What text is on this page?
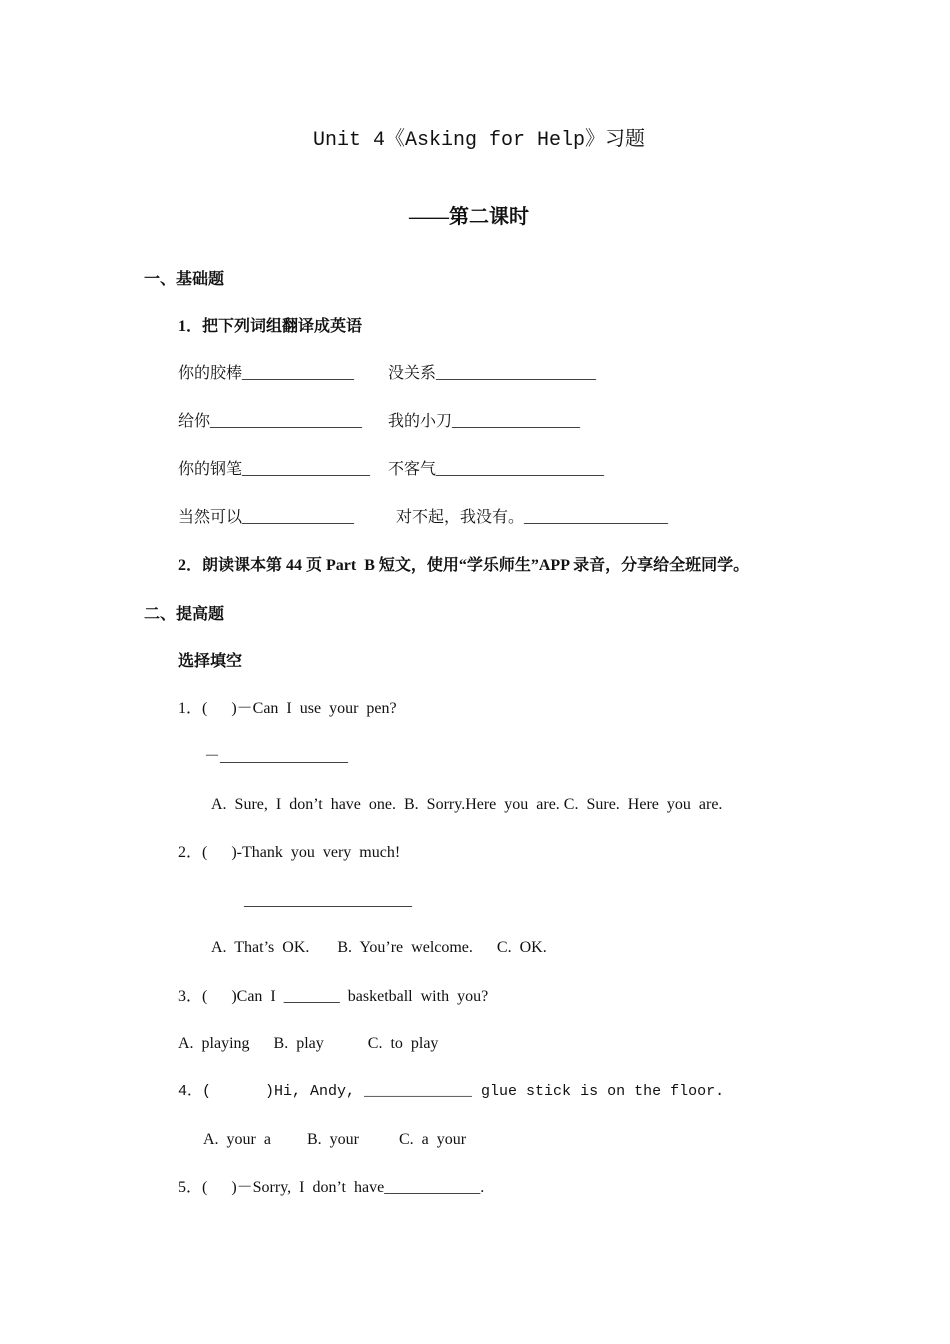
Unit 4《Asking for Help》习题
——第二课时
一、基础题
1．把下列词组翻译成英语
你的胶棒______________ 没关系____________________
给你___________________ 我的小刀________________
你的钢笔________________ 不客气_____________________
当然可以______________	对不起，我没有。__________________
2．朗读课本第 44 页 Part  B 短文，使用“学乐师生”APP 录音，分享给全班同学。
二、提高题
选择填空
1．(      )－Can  I  use  your  pen?
－________________
A.  Sure,  I  don’t  have  one.  B.  Sorry.Here  you  are. C.  Sure.  Here  you  are.
2．(      )-Thank  you  very  much!
_____________________
A.  That’s  OK.       B.  You’re  welcome.      C.  OK.
3．(      )Can  I  _______  basketball  with  you?
A.  playing      B.  play           C.  to  play
4．(      )Hi, Andy, ____________ glue stick is on the floor.
A.  your  a         B.  your          C.  a  your
5．(      )－Sorry,  I  don’t  have____________.
